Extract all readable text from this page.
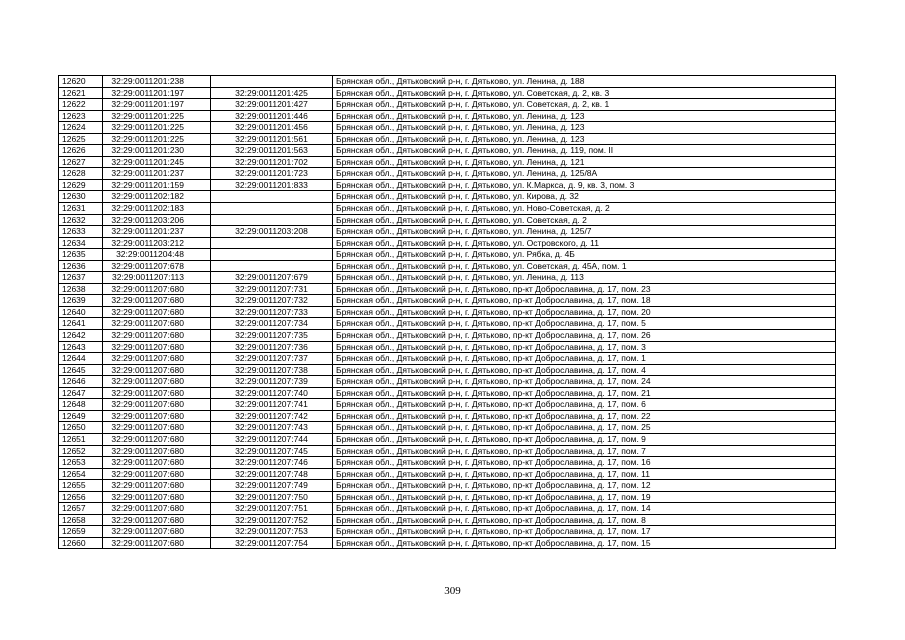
12620	32:29:0011201:238		Брянская обл., Дятьковский р-н, г. Дятьково, ул. Ленина, д. 188
12621	32:29:0011201:197	32:29:0011201:425	Брянская обл., Дятьковский р-н, г. Дятьково, ул. Советская, д. 2, кв. 3
12622	32:29:0011201:197	32:29:0011201:427	Брянская обл., Дятьковский р-н, г. Дятьково, ул. Советская, д. 2, кв. 1
12623	32:29:0011201:225	32:29:0011201:446	Брянская обл., Дятьковский р-н, г. Дятьково, ул. Ленина, д. 123
12624	32:29:0011201:225	32:29:0011201:456	Брянская обл., Дятьковский р-н, г. Дятьково, ул. Ленина, д. 123
12625	32:29:0011201:225	32:29:0011201:561	Брянская обл., Дятьковский р-н, г. Дятьково, ул. Ленина, д. 123
12626	32:29:0011201:230	32:29:0011201:563	Брянская обл., Дятьковский р-н, г. Дятьково, ул. Ленина, д. 119, пом. II
12627	32:29:0011201:245	32:29:0011201:702	Брянская обл., Дятьковский р-н, г. Дятьково, ул. Ленина, д. 121
12628	32:29:0011201:237	32:29:0011201:723	Брянская обл., Дятьковский р-н, г. Дятьково, ул. Ленина, д. 125/8А
12629	32:29:0011201:159	32:29:0011201:833	Брянская обл., Дятьковский р-н, г. Дятьково, ул. К.Маркса, д. 9, кв. 3, пом. 3
12630	32:29:0011202:182		Брянская обл., Дятьковский р-н, г. Дятьково, ул. Кирова, д. 32
12631	32:29:0011202:183		Брянская обл., Дятьковский р-н, г. Дятьково, ул. Ново-Советская, д. 2
12632	32:29:0011203:206		Брянская обл., Дятьковский р-н, г. Дятьково, ул. Советская, д. 2
12633	32:29:0011201:237	32:29:0011203:208	Брянская обл., Дятьковский р-н, г. Дятьково, ул. Ленина, д. 125/7
12634	32:29:0011203:212		Брянская обл., Дятьковский р-н, г. Дятьково, ул. Островского, д. 11
12635	32:29:0011204:48		Брянская обл., Дятьковский р-н, г. Дятьково, ул. Рябка, д. 4Б
12636	32:29:0011207:678		Брянская обл., Дятьковский р-н, г. Дятьково, ул. Советская, д. 45А, пом. 1
12637	32:29:0011207:113	32:29:0011207:679	Брянская обл., Дятьковский р-н, г. Дятьково, ул. Ленина, д. 113
12638	32:29:0011207:680	32:29:0011207:731	Брянская обл., Дятьковский р-н, г. Дятьково, пр-кт Доброславина, д. 17, пом. 23
12639	32:29:0011207:680	32:29:0011207:732	Брянская обл., Дятьковский р-н, г. Дятьково, пр-кт Доброславина, д. 17, пом. 18
12640	32:29:0011207:680	32:29:0011207:733	Брянская обл., Дятьковский р-н, г. Дятьково, пр-кт Доброславина, д. 17, пом. 20
12641	32:29:0011207:680	32:29:0011207:734	Брянская обл., Дятьковский р-н, г. Дятьково, пр-кт Доброславина, д. 17, пом. 5
12642	32:29:0011207:680	32:29:0011207:735	Брянская обл., Дятьковский р-н, г. Дятьково, пр-кт Доброславина, д. 17, пом. 26
12643	32:29:0011207:680	32:29:0011207:736	Брянская обл., Дятьковский р-н, г. Дятьково, пр-кт Доброславина, д. 17, пом. 3
12644	32:29:0011207:680	32:29:0011207:737	Брянская обл., Дятьковский р-н, г. Дятьково, пр-кт Доброславина, д. 17, пом. 1
12645	32:29:0011207:680	32:29:0011207:738	Брянская обл., Дятьковский р-н, г. Дятьково, пр-кт Доброславина, д. 17, пом. 4
12646	32:29:0011207:680	32:29:0011207:739	Брянская обл., Дятьковский р-н, г. Дятьково, пр-кт Доброславина, д. 17, пом. 24
12647	32:29:0011207:680	32:29:0011207:740	Брянская обл., Дятьковский р-н, г. Дятьково, пр-кт Доброславина, д. 17, пом. 21
12648	32:29:0011207:680	32:29:0011207:741	Брянская обл., Дятьковский р-н, г. Дятьково, пр-кт Доброславина, д. 17, пом. 6
12649	32:29:0011207:680	32:29:0011207:742	Брянская обл., Дятьковский р-н, г. Дятьково, пр-кт Доброславина, д. 17, пом. 22
12650	32:29:0011207:680	32:29:0011207:743	Брянская обл., Дятьковский р-н, г. Дятьково, пр-кт Доброславина, д. 17, пом. 25
12651	32:29:0011207:680	32:29:0011207:744	Брянская обл., Дятьковский р-н, г. Дятьково, пр-кт Доброславина, д. 17, пом. 9
12652	32:29:0011207:680	32:29:0011207:745	Брянская обл., Дятьковский р-н, г. Дятьково, пр-кт Доброславина, д. 17, пом. 7
12653	32:29:0011207:680	32:29:0011207:746	Брянская обл., Дятьковский р-н, г. Дятьково, пр-кт Доброславина, д. 17, пом. 16
12654	32:29:0011207:680	32:29:0011207:748	Брянская обл., Дятьковский р-н, г. Дятьково, пр-кт Доброславина, д. 17, пом. 11
12655	32:29:0011207:680	32:29:0011207:749	Брянская обл., Дятьковский р-н, г. Дятьково, пр-кт Доброславина, д. 17, пом. 12
12656	32:29:0011207:680	32:29:0011207:750	Брянская обл., Дятьковский р-н, г. Дятьково, пр-кт Доброславина, д. 17, пом. 19
12657	32:29:0011207:680	32:29:0011207:751	Брянская обл., Дятьковский р-н, г. Дятьково, пр-кт Доброславина, д. 17, пом. 14
12658	32:29:0011207:680	32:29:0011207:752	Брянская обл., Дятьковский р-н, г. Дятьково, пр-кт Доброславина, д. 17, пом. 8
12659	32:29:0011207:680	32:29:0011207:753	Брянская обл., Дятьковский р-н, г. Дятьково, пр-кт Доброславина, д. 17, пом. 17
12660	32:29:0011207:680	32:29:0011207:754	Брянская обл., Дятьковский р-н, г. Дятьково, пр-кт Доброславина, д. 17, пом. 15
309
